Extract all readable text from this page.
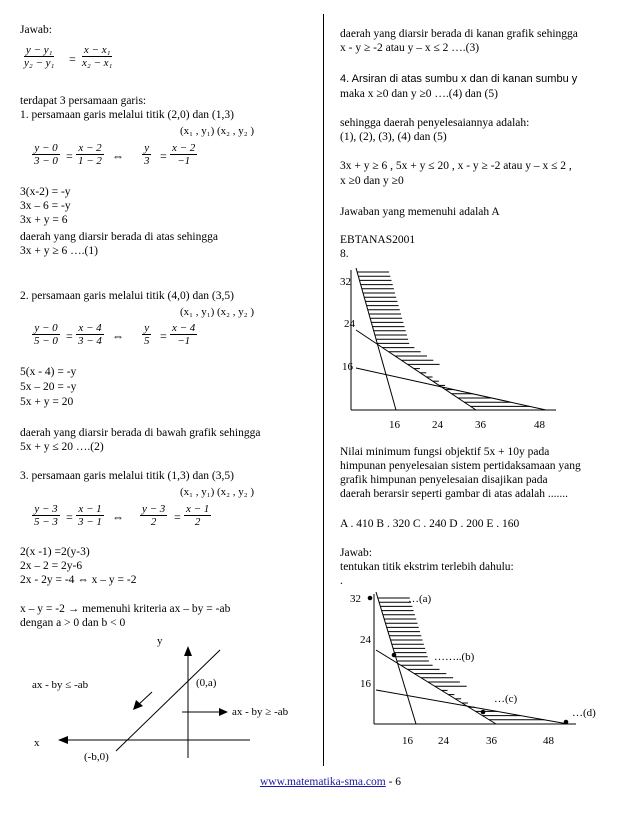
Jawab:
$\frac{\text{y − y₁}}{\text{y₂ − y₁}} = \frac{\text{x − x₁}}{\text{x₂ − x₁}}$
terdapat 3 persamaan garis:
1. persamaan garis melalui titik (2,0) dan (1,3)
(x₁ , y₁) (x₂ , y₂ )
$\frac{y - 0}{3 - 0} = \frac{x - 2}{1 - 2}$ ⇔ $\frac{y}{3} = \frac{x - 2}{-1}$
3(x-2) = -y
3x – 6 = -y
3x + y = 6
daerah yang diarsir berada di atas sehingga
3x + y ≥ 6 ….(1)
2. persamaan garis melalui titik (4,0) dan (3,5)
(x₁ , y₁) (x₂ , y₂ )
$\frac{y - 0}{5 - 0} = \frac{x - 4}{3 - 4}$ ⇔ $\frac{y}{5} = \frac{x - 4}{-1}$
5(x - 4) = -y
5x – 20 = -y
5x + y = 20
daerah yang diarsir berada di bawah grafik sehingga
5x + y ≤ 20 ….(2)
3. persamaan garis melalui titik (1,3) dan (3,5)
(x₁ , y₁) (x₂ , y₂ )
$\frac{y - 3}{5 - 3} = \frac{x - 1}{3 - 1}$ ⇔ $\frac{y - 3}{2} = \frac{x - 1}{2}$
2(x -1) =2(y-3)
2x – 2 = 2y-6
2x - 2y = -4 ⇔ x – y = -2
x – y = -2 → memenuhi kriteria ax – by = -ab
dengan a > 0 dan b < 0
y
x
(0,a)
(-b,0)
ax - by ≤ -ab
ax - by ≥ -ab
daerah yang diarsir berada di kanan grafik sehingga
x - y ≥ -2 atau y – x ≤ 2 ….(3)
4. Arsiran di atas sumbu x dan di kanan sumbu y
maka x ≥0 dan y ≥0 ….(4) dan (5)
sehingga daerah penyelesaiannya adalah:
(1), (2), (3), (4) dan (5)
3x + y ≥ 6 , 5x + y ≤ 20 , x - y ≥ -2 atau y – x ≤ 2 ,
x ≥0 dan y ≥0
Jawaban yang memenuhi adalah A
EBTANAS2001
8.
32
24
16
16	24	36	48
Nilai minimum fungsi objektif 5x + 10y pada
himpunan penyelesaian sistem pertidaksamaan yang
grafik himpunan penyelesaian disajikan pada
daerah berarsir seperti gambar di atas adalah .......
A . 410 B . 320 C . 240 D . 200 E . 160
Jawab:
tentukan titik ekstrim terlebih dahulu:
.
32
24
16
16 24	36	48
…(a)
……..(b)
…(c)
…(d)
www.matematika-sma.com - 6
